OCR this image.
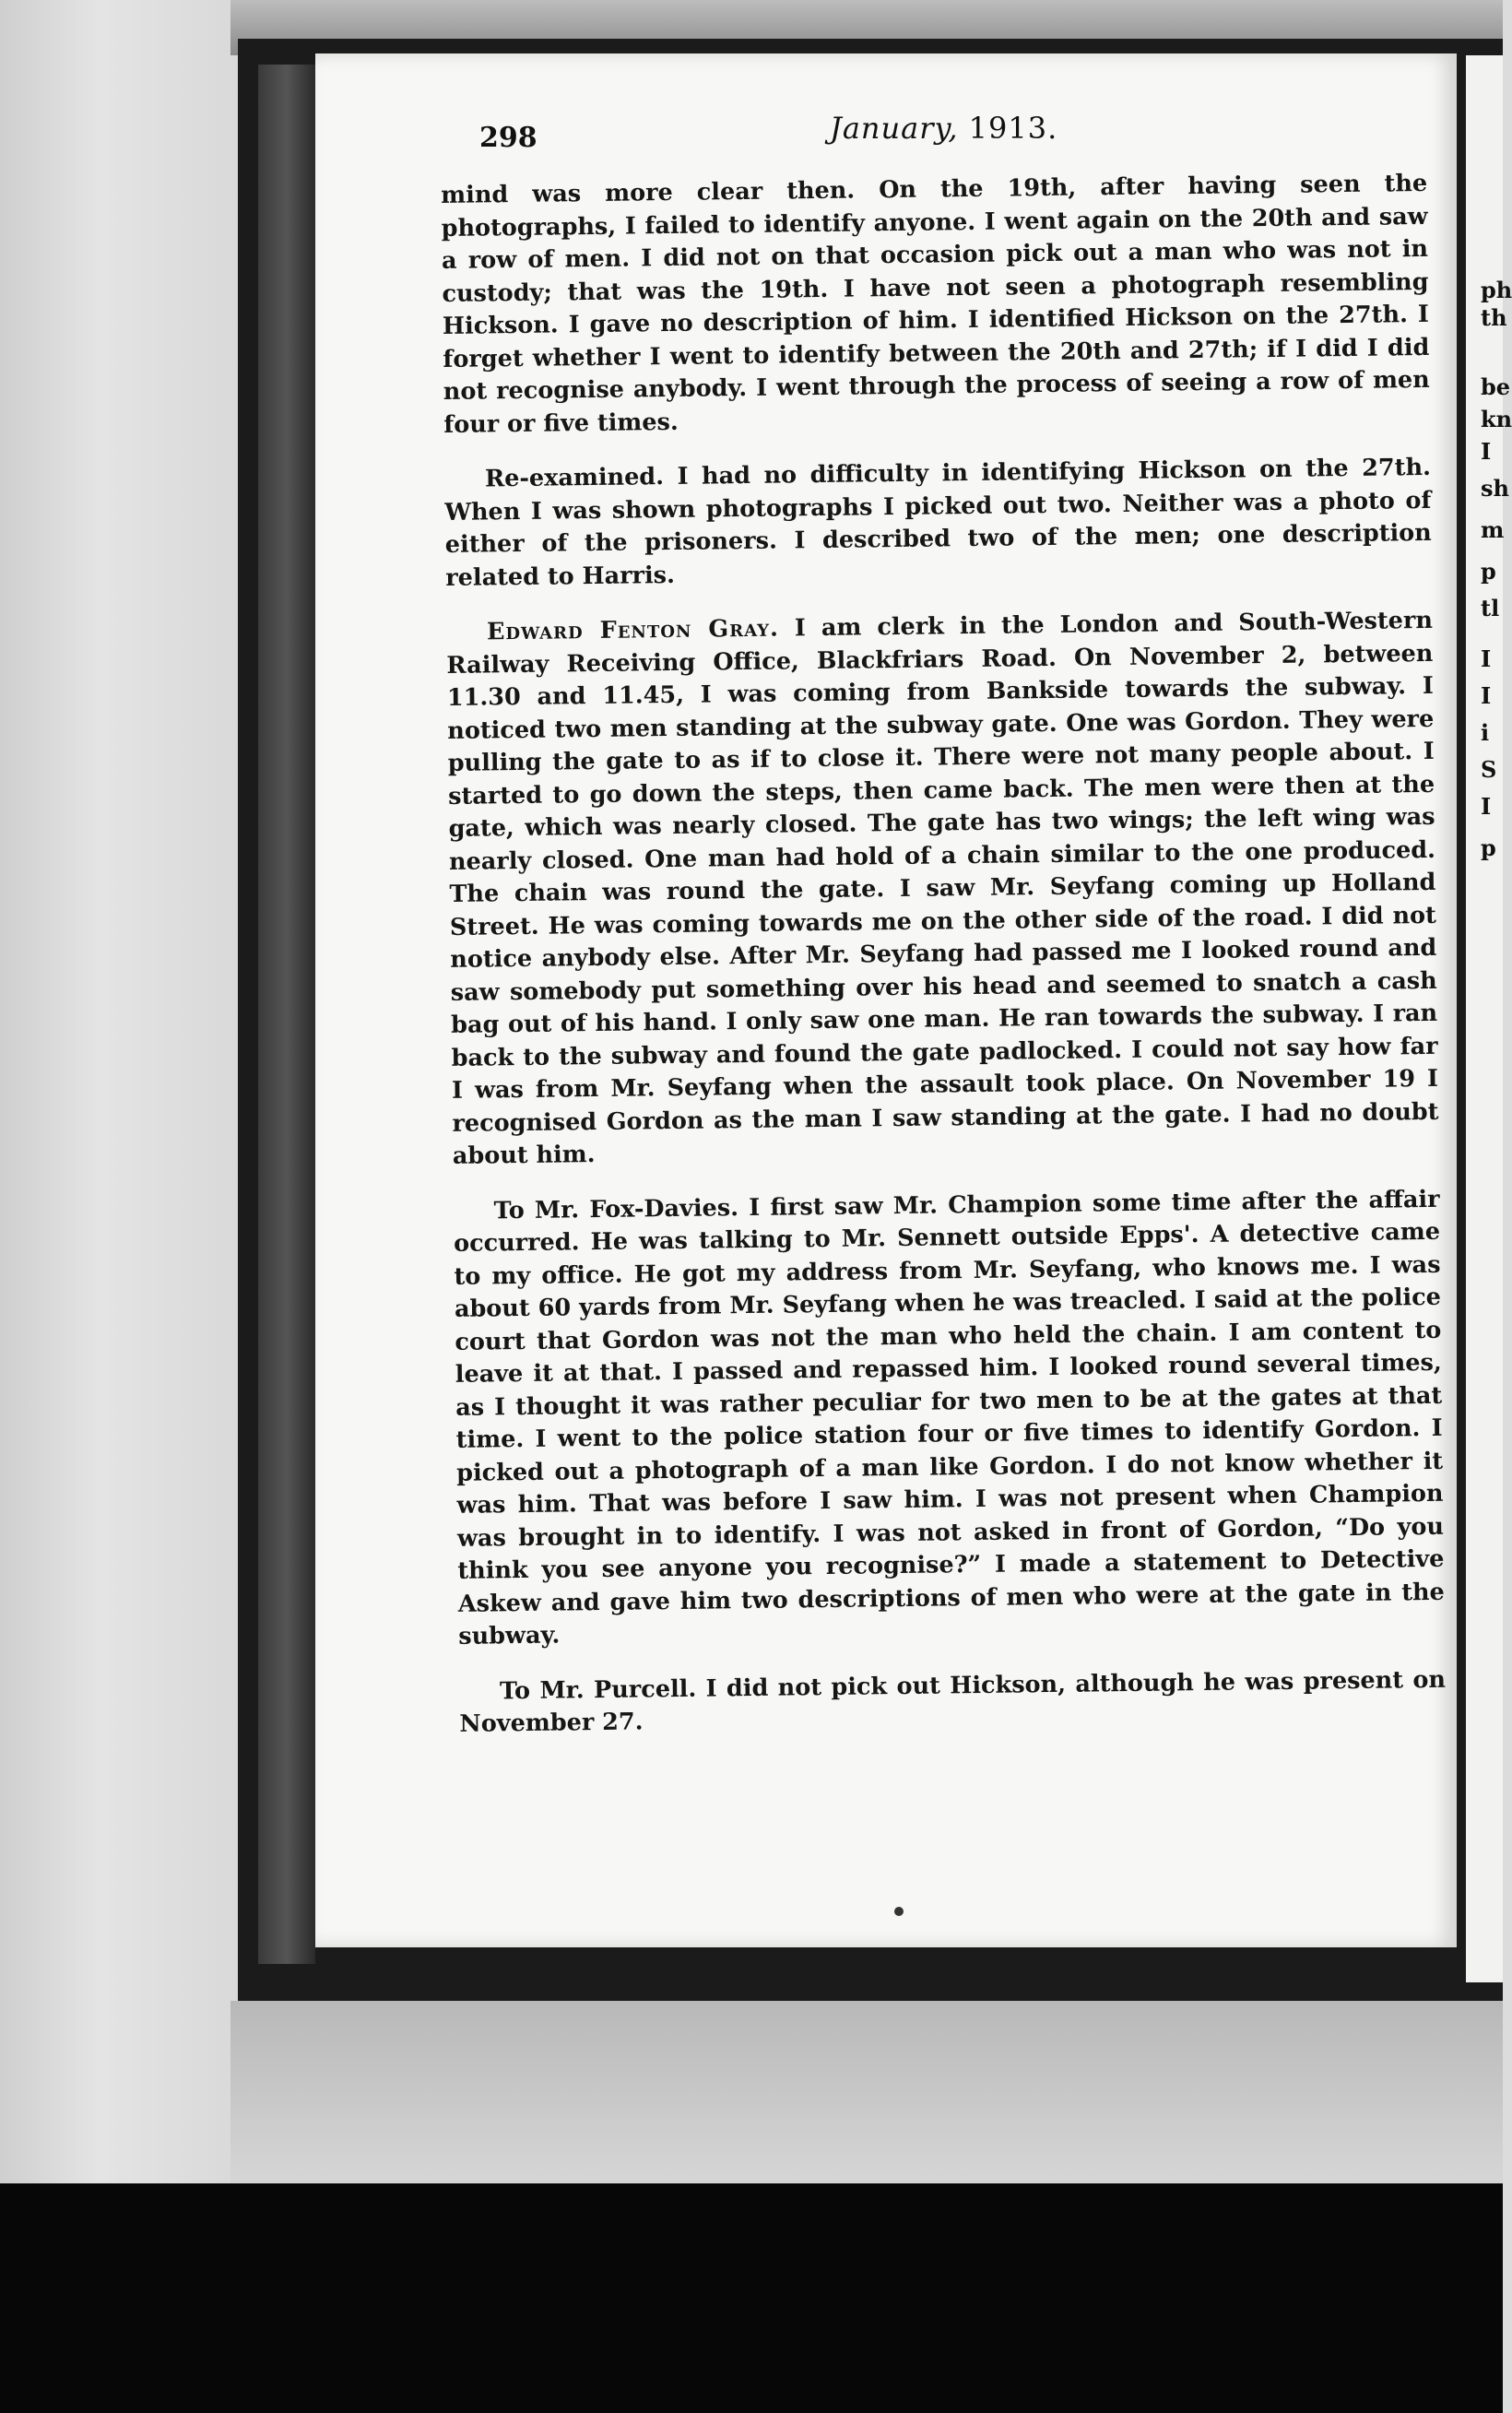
ph
th
be
kn
I
sh
m
p
tl
I
I
i
S
I
p
298	January, 1913.

mind was more clear then. On the 19th, after having seen the photographs, I failed to identify anyone. I went again on the 20th and saw a row of men. I did not on that occasion pick out a man who was not in custody; that was the 19th. I have not seen a photograph resembling Hickson. I gave no description of him. I identified Hickson on the 27th. I forget whether I went to identify between the 20th and 27th; if I did I did not recognise anybody. I went through the process of seeing a row of men four or five times.

Re-examined. I had no difficulty in identifying Hickson on the 27th. When I was shown photographs I picked out two. Neither was a photo of either of the prisoners. I described two of the men; one description related to Harris.

Edward Fenton Gray. I am clerk in the London and South-Western Railway Receiving Office, Blackfriars Road. On November 2, between 11.30 and 11.45, I was coming from Bankside towards the subway. I noticed two men standing at the subway gate. One was Gordon. They were pulling the gate to as if to close it. There were not many people about. I started to go down the steps, then came back. The men were then at the gate, which was nearly closed. The gate has two wings; the left wing was nearly closed. One man had hold of a chain similar to the one produced. The chain was round the gate. I saw Mr. Seyfang coming up Holland Street. He was coming towards me on the other side of the road. I did not notice anybody else. After Mr. Seyfang had passed me I looked round and saw somebody put something over his head and seemed to snatch a cash bag out of his hand. I only saw one man. He ran towards the subway. I ran back to the subway and found the gate padlocked. I could not say how far I was from Mr. Seyfang when the assault took place. On November 19 I recognised Gordon as the man I saw standing at the gate. I had no doubt about him.

To Mr. Fox-Davies. I first saw Mr. Champion some time after the affair occurred. He was talking to Mr. Sennett outside Epps'. A detective came to my office. He got my address from Mr. Seyfang, who knows me. I was about 60 yards from Mr. Seyfang when he was treacled. I said at the police court that Gordon was not the man who held the chain. I am content to leave it at that. I passed and repassed him. I looked round several times, as I thought it was rather peculiar for two men to be at the gates at that time. I went to the police station four or five times to identify Gordon. I picked out a photograph of a man like Gordon. I do not know whether it was him. That was before I saw him. I was not present when Champion was brought in to identify. I was not asked in front of Gordon, “Do you think you see anyone you recognise?” I made a statement to Detective Askew and gave him two descriptions of men who were at the gate in the subway.

To Mr. Purcell. I did not pick out Hickson, although he was present on November 27.
